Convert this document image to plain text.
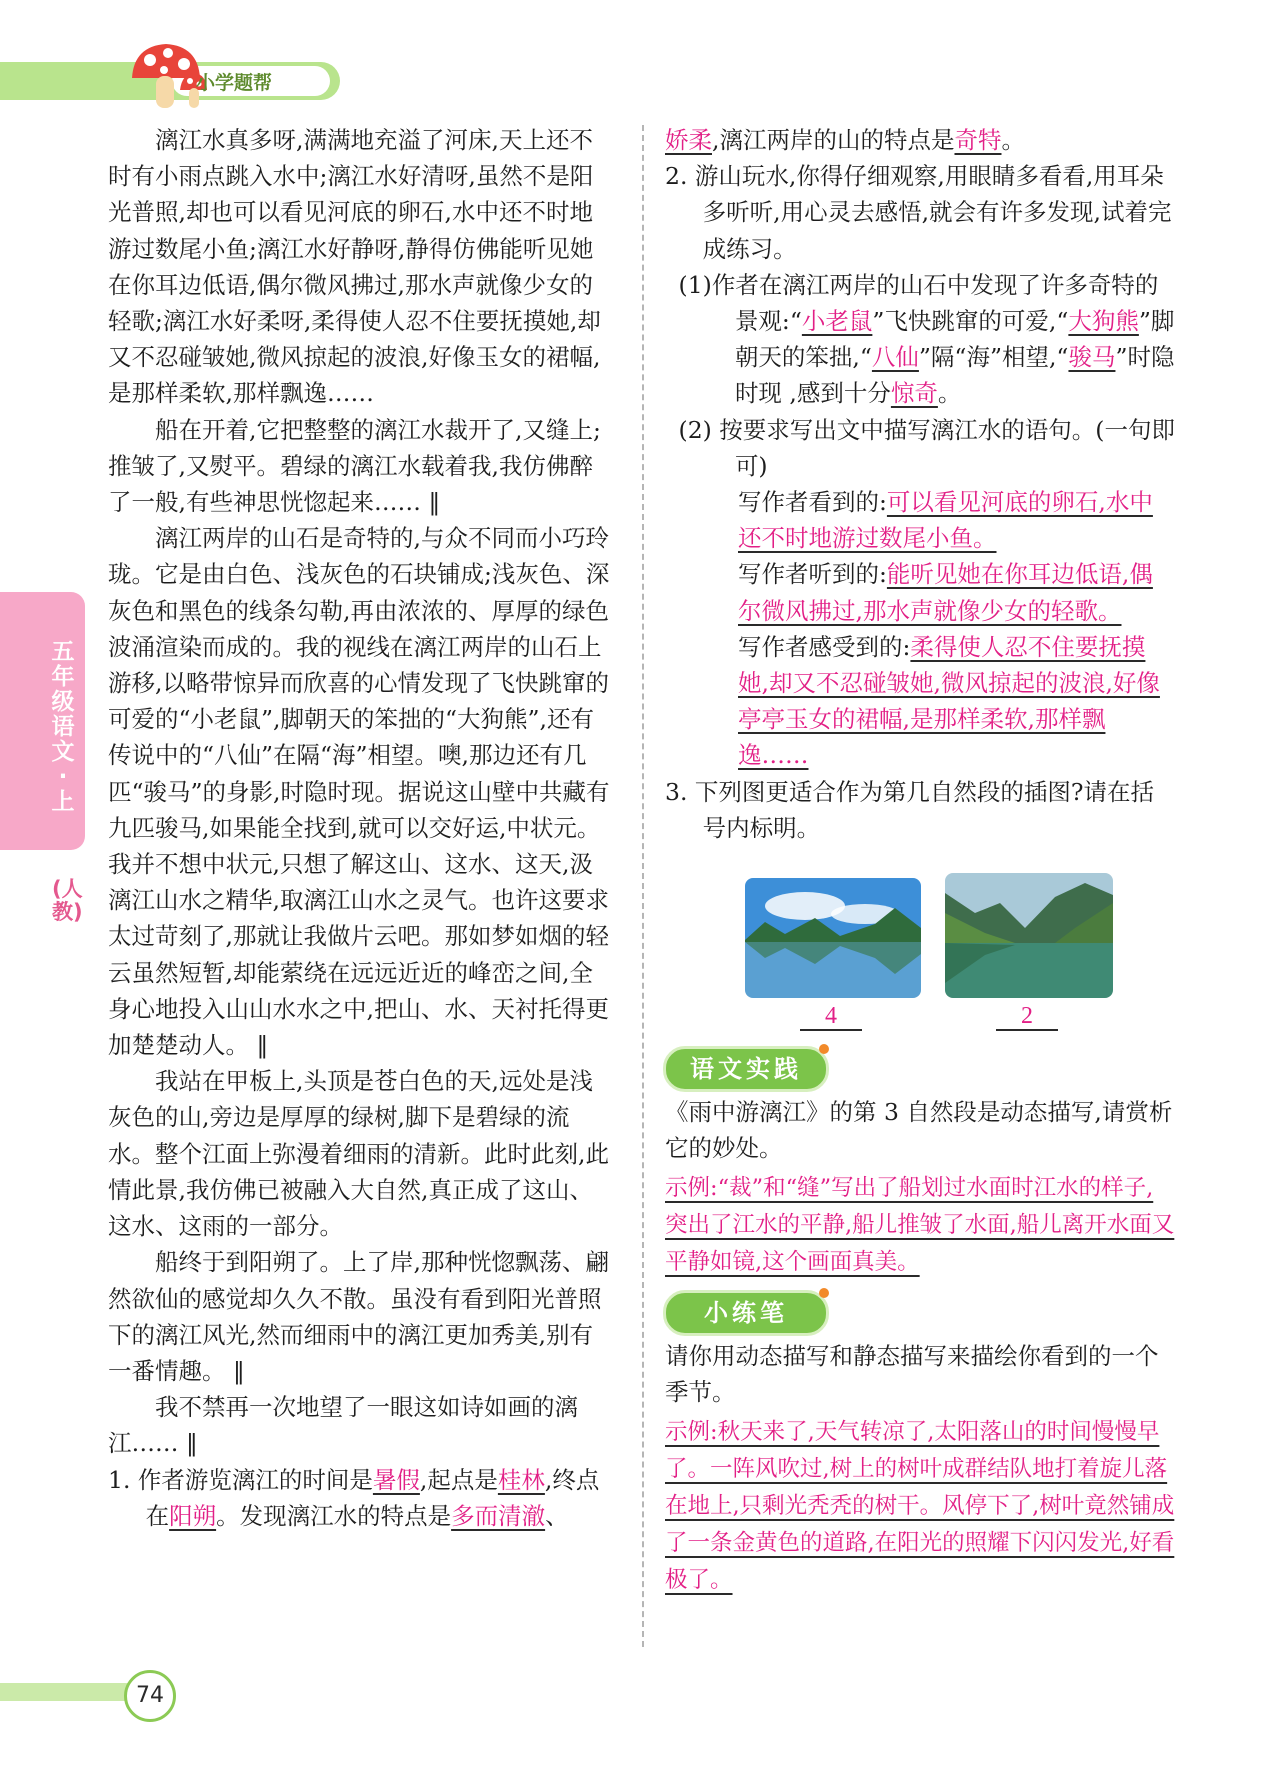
小学题帮
五年级语文·上
(人教)

漓江水真多呀,满满地充溢了河床,天上还不时有小雨点跳入水中;漓江水好清呀,虽然不是阳光普照,却也可以看见河底的卵石,水中还不时地游过数尾小鱼;漓江水好静呀,静得仿佛能听见她在你耳边低语,偶尔微风拂过,那水声就像少女的轻歌;漓江水好柔呀,柔得使人忍不住要抚摸她,却又不忍碰皱她,微风掠起的波浪,好像玉女的裙幅,是那样柔软,那样飘逸……

船在开着,它把整整的漓江水裁开了,又缝上;推皱了,又熨平。碧绿的漓江水载着我,我仿佛醉了一般,有些神思恍惚起来…… ‖

漓江两岸的山石是奇特的,与众不同而小巧玲珑。它是由白色、浅灰色的石块铺成;浅灰色、深灰色和黑色的线条勾勒,再由浓浓的、厚厚的绿色波涌渲染而成的。我的视线在漓江两岸的山石上游移,以略带惊异而欣喜的心情发现了飞快跳窜的可爱的“小老鼠”,脚朝天的笨拙的“大狗熊”,还有传说中的“八仙”在隔“海”相望。噢,那边还有几匹“骏马”的身影,时隐时现。据说这山壁中共藏有九匹骏马,如果能全找到,就可以交好运,中状元。我并不想中状元,只想了解这山、这水、这天,汲漓江山水之精华,取漓江山水之灵气。也许这要求太过苛刻了,那就让我做片云吧。那如梦如烟的轻云虽然短暂,却能萦绕在远远近近的峰峦之间,全身心地投入山山水水之中,把山、水、天衬托得更加楚楚动人。 ‖

我站在甲板上,头顶是苍白色的天,远处是浅灰色的山,旁边是厚厚的绿树,脚下是碧绿的流水。整个江面上弥漫着细雨的清新。此时此刻,此情此景,我仿佛已被融入大自然,真正成了这山、这水、这雨的一部分。

船终于到阳朔了。上了岸,那种恍惚飘荡、翩然欲仙的感觉却久久不散。虽没有看到阳光普照下的漓江风光,然而细雨中的漓江更加秀美,别有一番情趣。 ‖

我不禁再一次地望了一眼这如诗如画的漓江…… ‖

1. 作者游览漓江的时间是暑假,起点是桂林,终点在阳朔。发现漓江水的特点是多而清澈、

娇柔,漓江两岸的山的特点是奇特。

2. 游山玩水,你得仔细观察,用眼睛多看看,用耳朵多听听,用心灵去感悟,就会有许多发现,试着完成练习。

(1)作者在漓江两岸的山石中发现了许多奇特的景观:“小老鼠”飞快跳窜的可爱,“大狗熊”脚朝天的笨拙,“八仙”隔“海”相望,“骏马”时隐时现 ,感到十分惊奇。

(2) 按要求写出文中描写漓江水的语句。(一句即可)

写作者看到的:可以看见河底的卵石,水中还不时地游过数尾小鱼。

写作者听到的:能听见她在你耳边低语,偶尔微风拂过,那水声就像少女的轻歌。

写作者感受到的:柔得使人忍不住要抚摸她,却又不忍碰皱她,微风掠起的波浪,好像亭亭玉女的裙幅,是那样柔软,那样飘逸……

3. 下列图更适合作为第几自然段的插图?请在括号内标明。

4	2
语文实践
《雨中游漓江》的第 3 自然段是动态描写,请赏析它的妙处。
示例:“裁”和“缝”写出了船划过水面时江水的样子,突出了江水的平静,船儿推皱了水面,船儿离开水面又平静如镜,这个画面真美。
小练笔
请你用动态描写和静态描写来描绘你看到的一个季节。
示例:秋天来了,天气转凉了,太阳落山的时间慢慢早了。一阵风吹过,树上的树叶成群结队地打着旋儿落在地上,只剩光秃秃的树干。风停下了,树叶竟然铺成了一条金黄色的道路,在阳光的照耀下闪闪发光,好看极了。
74
